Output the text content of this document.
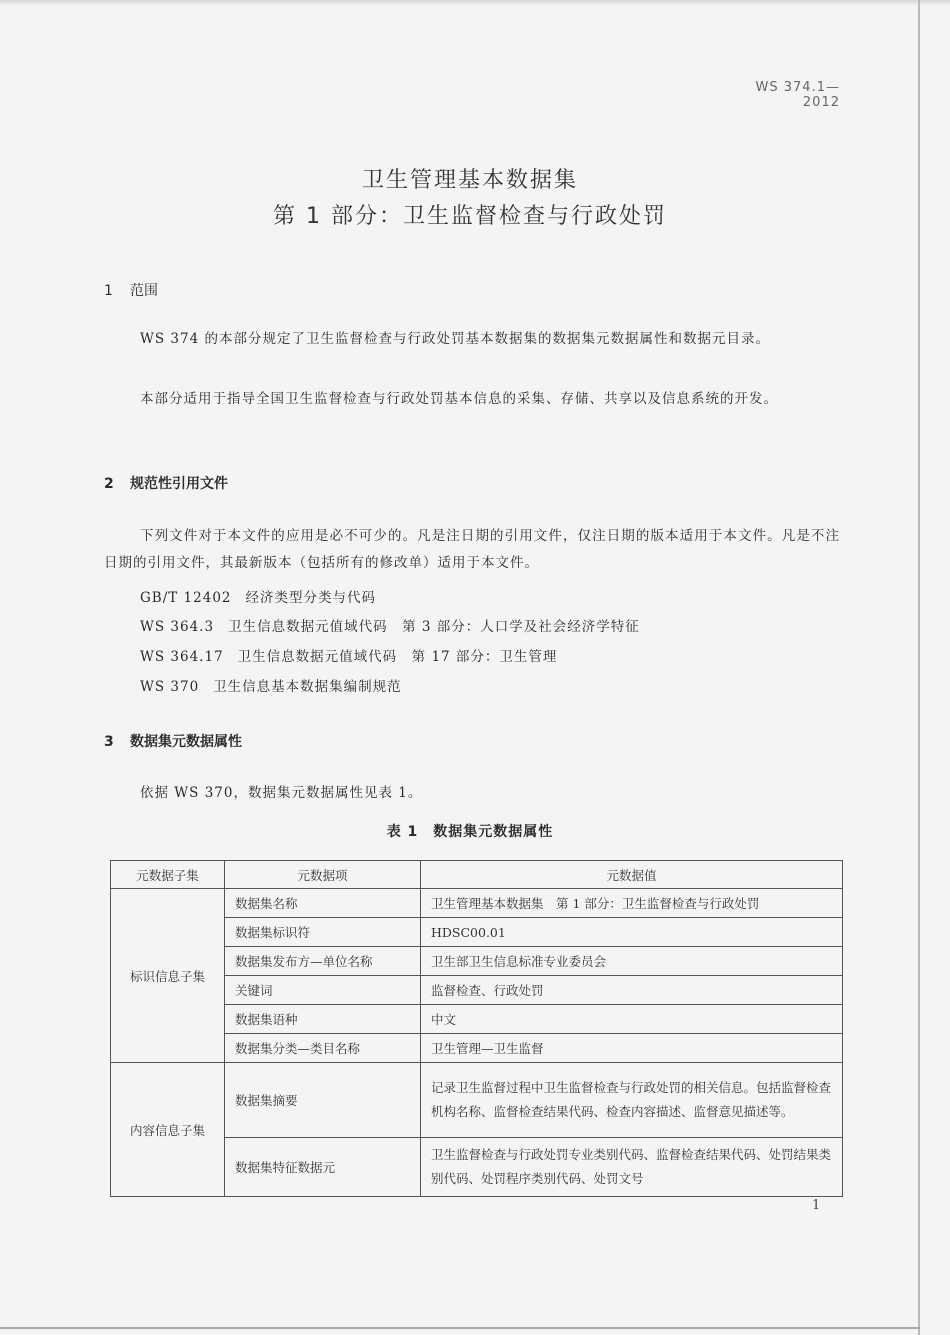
WS 374.1—2012
卫生管理基本数据集
第 1 部分：卫生监督检查与行政处罚
1 范围
WS 374 的本部分规定了卫生监督检查与行政处罚基本数据集的数据集元数据属性和数据元目录。
本部分适用于指导全国卫生监督检查与行政处罚基本信息的采集、存储、共享以及信息系统的开发。
2 规范性引用文件
下列文件对于本文件的应用是必不可少的。凡是注日期的引用文件，仅注日期的版本适用于本文件。凡是不注日期的引用文件，其最新版本（包括所有的修改单）适用于本文件。
GB/T 12402 经济类型分类与代码
WS 364.3 卫生信息数据元值域代码　第 3 部分：人口学及社会经济学特征
WS 364.17 卫生信息数据元值域代码　第 17 部分：卫生管理
WS 370 卫生信息基本数据集编制规范
3 数据集元数据属性
依据 WS 370，数据集元数据属性见表 1。
表 1　数据集元数据属性
元数据子集	元数据项	元数据值
标识信息子集	数据集名称	卫生管理基本数据集　第 1 部分：卫生监督检查与行政处罚
	数据集标识符	HDSC00.01
	数据集发布方—单位名称	卫生部卫生信息标准专业委员会
	关键词	监督检查、行政处罚
	数据集语种	中文
	数据集分类—类目名称	卫生管理—卫生监督
内容信息子集	数据集摘要	记录卫生监督过程中卫生监督检查与行政处罚的相关信息。包括监督检查机构名称、监督检查结果代码、检查内容描述、监督意见描述等。
	数据集特征数据元	卫生监督检查与行政处罚专业类别代码、监督检查结果代码、处罚结果类别代码、处罚程序类别代码、处罚文号
1
